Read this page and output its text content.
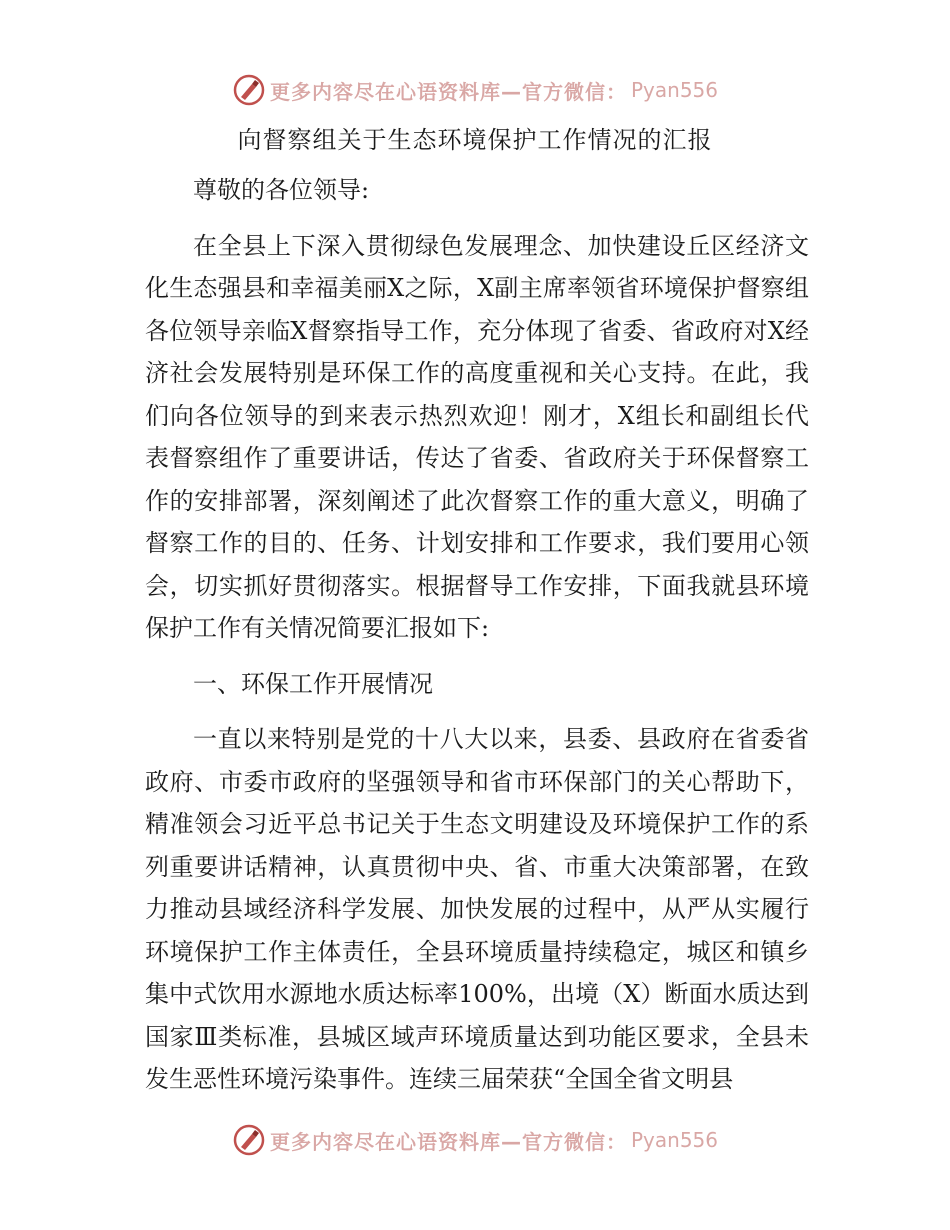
更多内容尽在心语资料库—官方微信： Pyan556
向督察组关于生态环境保护工作情况的汇报

尊敬的各位领导:

在全县上下深入贯彻绿色发展理念、加快建设丘区经济文化生态强县和幸福美丽X之际，X副主席率领省环境保护督察组各位领导亲临X督察指导工作，充分体现了省委、省政府对X经济社会发展特别是环保工作的高度重视和关心支持。在此，我们向各位领导的到来表示热烈欢迎！刚才，X组长和副组长代表督察组作了重要讲话，传达了省委、省政府关于环保督察工作的安排部署，深刻阐述了此次督察工作的重大意义，明确了督察工作的目的、任务、计划安排和工作要求，我们要用心领会，切实抓好贯彻落实。根据督导工作安排，下面我就县环境保护工作有关情况简要汇报如下:

一、环保工作开展情况

一直以来特别是党的十八大以来，县委、县政府在省委省政府、市委市政府的坚强领导和省市环保部门的关心帮助下，精准领会习近平总书记关于生态文明建设及环境保护工作的系列重要讲话精神，认真贯彻中央、省、市重大决策部署，在致力推动县域经济科学发展、加快发展的过程中，从严从实履行环境保护工作主体责任，全县环境质量持续稳定，城区和镇乡集中式饮用水源地水质达标率100%，出境（X）断面水质达到国家Ⅲ类标准，县城区域声环境质量达到功能区要求，全县未发生恶性环境污染事件。连续三届荣获“全国全省文明县

更多内容尽在心语资料库—官方微信： Pyan556
